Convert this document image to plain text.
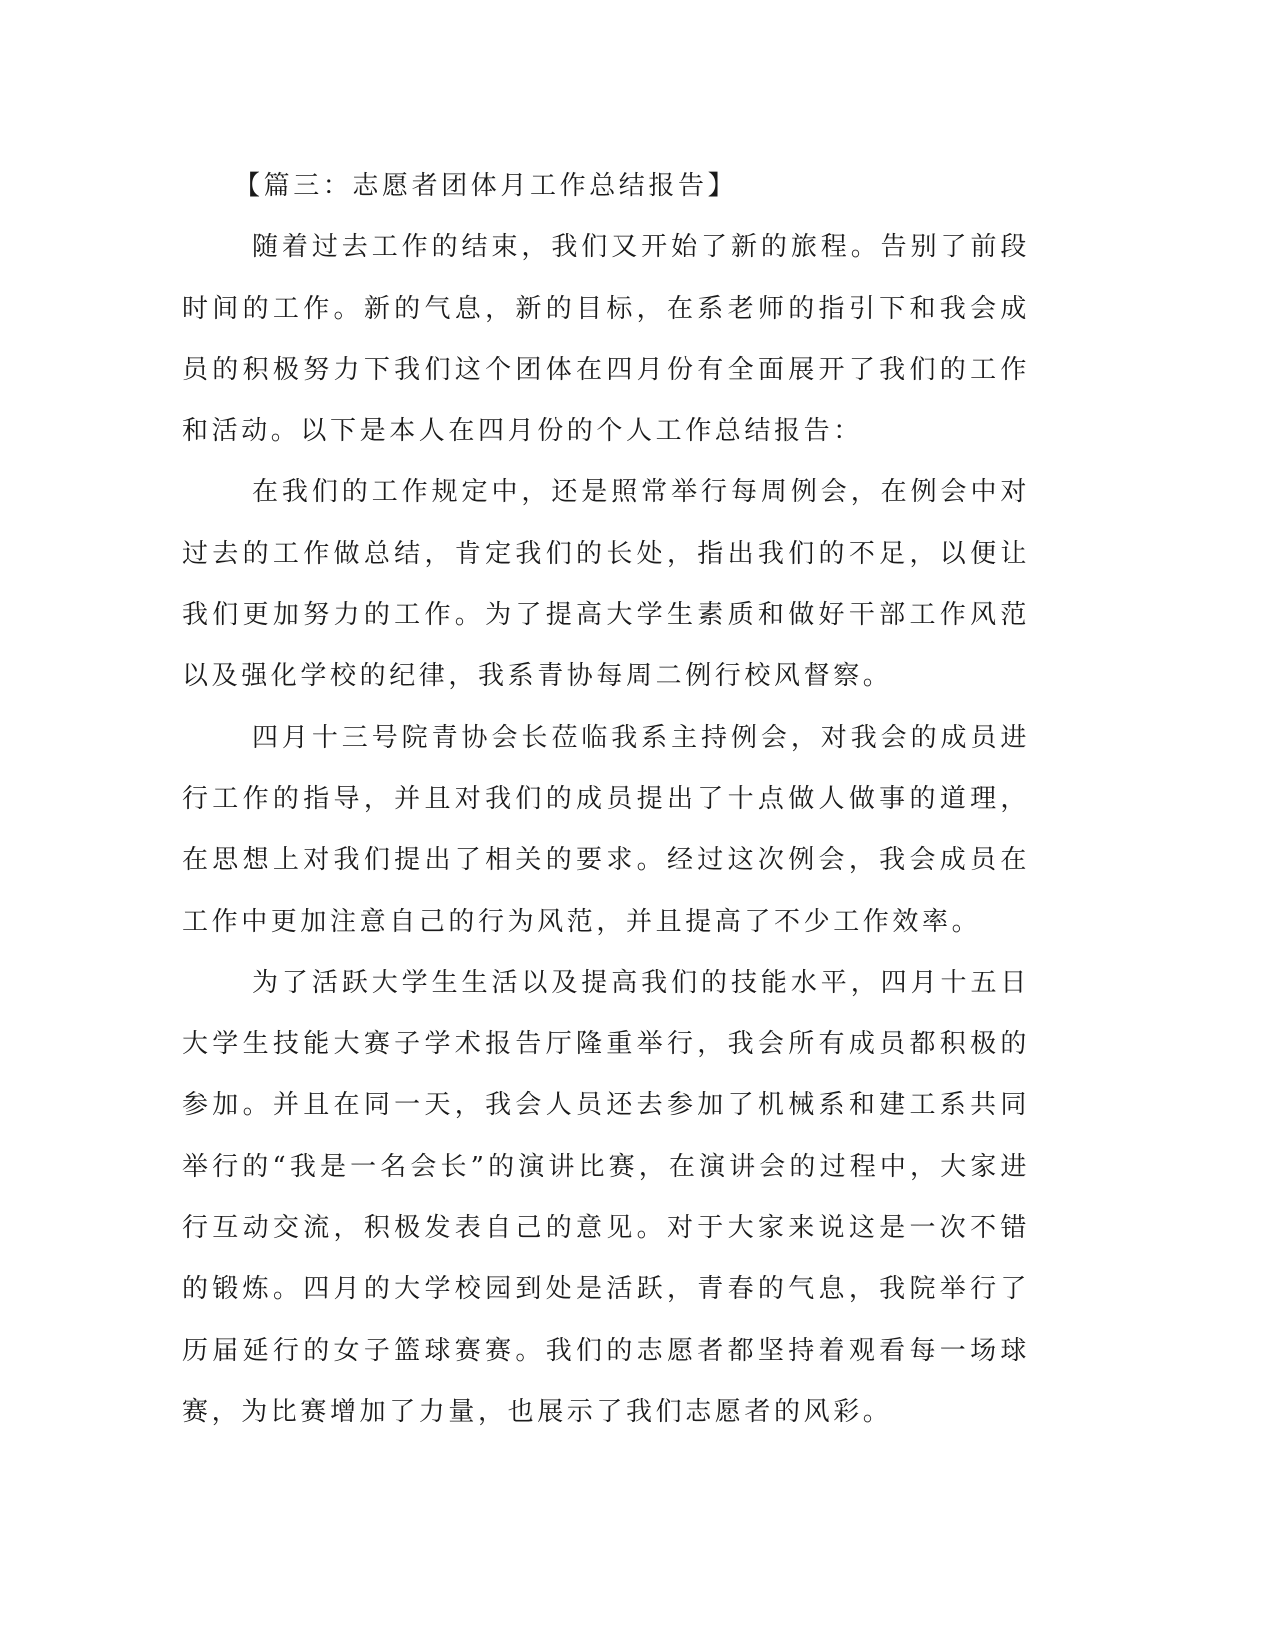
【篇三：志愿者团体月工作总结报告】

随着过去工作的结束，我们又开始了新的旅程。告别了前段时间的工作。新的气息，新的目标，在系老师的指引下和我会成员的积极努力下我们这个团体在四月份有全面展开了我们的工作和活动。以下是本人在四月份的个人工作总结报告：

在我们的工作规定中，还是照常举行每周例会，在例会中对过去的工作做总结，肯定我们的长处，指出我们的不足，以便让我们更加努力的工作。为了提高大学生素质和做好干部工作风范以及强化学校的纪律，我系青协每周二例行校风督察。

四月十三号院青协会长莅临我系主持例会，对我会的成员进行工作的指导，并且对我们的成员提出了十点做人做事的道理，在思想上对我们提出了相关的要求。经过这次例会，我会成员在工作中更加注意自己的行为风范，并且提高了不少工作效率。

为了活跃大学生生活以及提高我们的技能水平，四月十五日大学生技能大赛子学术报告厅隆重举行，我会所有成员都积极的参加。并且在同一天，我会人员还去参加了机械系和建工系共同举行的“我是一名会长”的演讲比赛，在演讲会的过程中，大家进行互动交流，积极发表自己的意见。对于大家来说这是一次不错的锻炼。四月的大学校园到处是活跃，青春的气息，我院举行了历届延行的女子篮球赛赛。我们的志愿者都坚持着观看每一场球赛，为比赛增加了力量，也展示了我们志愿者的风彩。
